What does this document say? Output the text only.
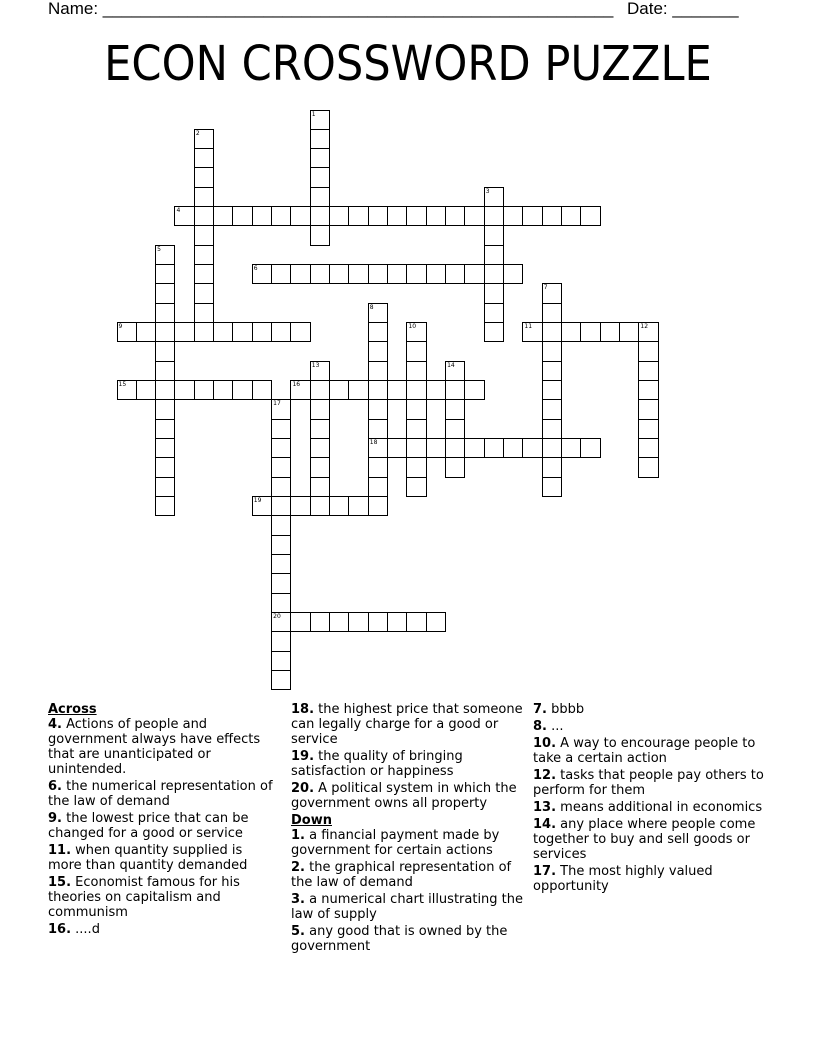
Name: ______________________________________________________ Date: _______
ECON CROSSWORD PUZZLE
1
2
3
4
5
6
7
8
9	10	11	12
13	14
15	16
17
18
19
20
Across
4. Actions of people and government always have effects that are unanticipated or unintended.
6. the numerical representation of the law of demand
9. the lowest price that can be changed for a good or service
11. when quantity supplied is more than quantity demanded
15. Economist famous for his theories on capitalism and communism
16. ....d
18. the highest price that someone can legally charge for a good or service
19. the quality of bringing satisfaction or happiness
20. A political system in which the government owns all property
Down
1. a financial payment made by government for certain actions
2. the graphical representation of the law of demand
3. a numerical chart illustrating the law of supply
5. any good that is owned by the government
7. bbbb
8. ...
10. A way to encourage people to take a certain action
12. tasks that people pay others to perform for them
13. means additional in economics
14. any place where people come together to buy and sell goods or services
17. The most highly valued opportunity
